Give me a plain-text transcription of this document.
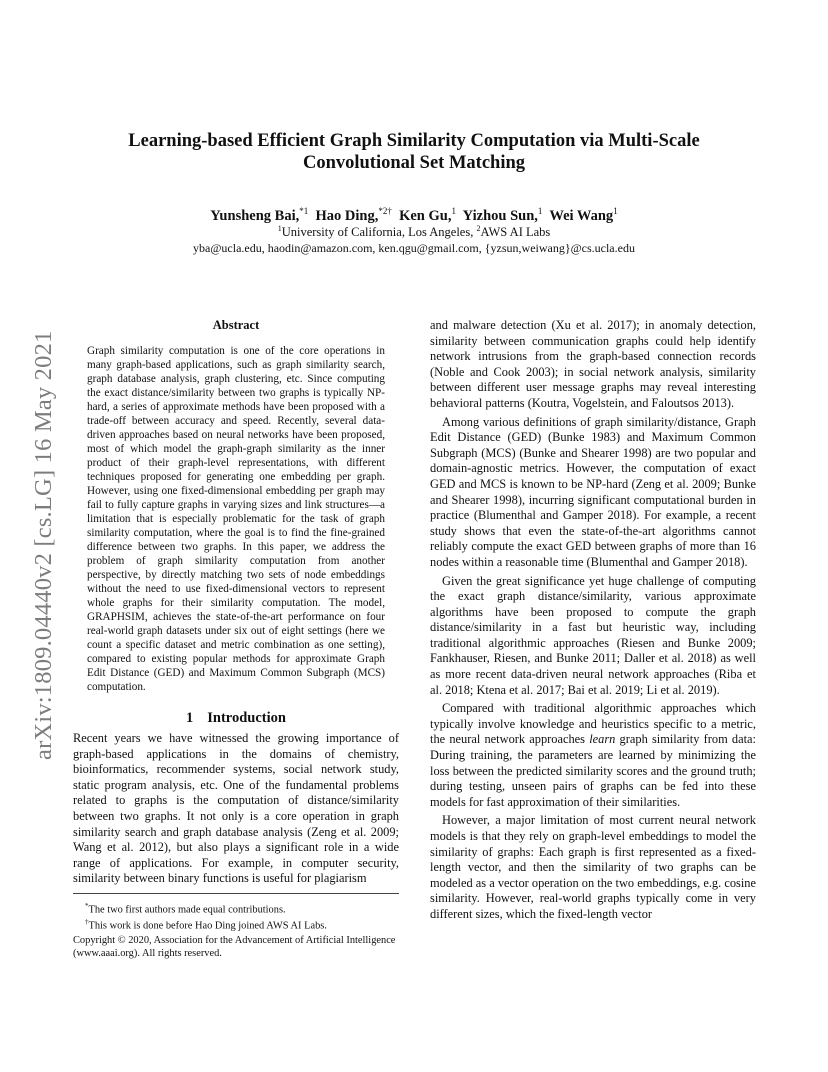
arXiv:1809.04440v2 [cs.LG] 16 May 2021
Learning-based Efficient Graph Similarity Computation via Multi-Scale
Convolutional Set Matching
Yunsheng Bai,$^{*1}$ Hao Ding,$^{*2\dagger}$ Ken Gu,$^1$ Yizhou Sun,$^1$ Wei Wang$^1$
$^1$University of California, Los Angeles, $^2$AWS AI Labs
yba@ucla.edu, haodin@amazon.com, ken.qgu@gmail.com, {yzsun,weiwang}@cs.ucla.edu
Abstract

Graph similarity computation is one of the core operations in many graph-based applications, such as graph similarity search, graph database analysis, graph clustering, etc. Since computing the exact distance/similarity between two graphs is typically NP-hard, a series of approximate methods have been proposed with a trade-off between accuracy and speed. Recently, several data-driven approaches based on neural networks have been proposed, most of which model the graph-graph similarity as the inner product of their graph-level representations, with different techniques proposed for generating one embedding per graph. However, using one fixed-dimensional embedding per graph may fail to fully capture graphs in varying sizes and link structures—a limitation that is especially problematic for the task of graph similarity computation, where the goal is to find the fine-grained difference between two graphs. In this paper, we address the problem of graph similarity computation from another perspective, by directly matching two sets of node embeddings without the need to use fixed-dimensional vectors to represent whole graphs for their similarity computation. The model, GRAPHSIM, achieves the state-of-the-art performance on four real-world graph datasets under six out of eight settings (here we count a specific dataset and metric combination as one setting), compared to existing popular methods for approximate Graph Edit Distance (GED) and Maximum Common Subgraph (MCS) computation.

1 Introduction

Recent years we have witnessed the growing importance of graph-based applications in the domains of chemistry, bioinformatics, recommender systems, social network study, static program analysis, etc. One of the fundamental problems related to graphs is the computation of distance/similarity between two graphs. It not only is a core operation in graph similarity search and graph database analysis (Zeng et al. 2009; Wang et al. 2012), but also plays a significant role in a wide range of applications. For example, in computer security, similarity between binary functions is useful for plagiarism

*The two first authors made equal contributions.
†This work is done before Hao Ding joined AWS AI Labs.
Copyright © 2020, Association for the Advancement of Artificial Intelligence (www.aaai.org). All rights reserved.

and malware detection (Xu et al. 2017); in anomaly detection, similarity between communication graphs could help identify network intrusions from the graph-based connection records (Noble and Cook 2003); in social network analysis, similarity between different user message graphs may reveal interesting behavioral patterns (Koutra, Vogelstein, and Faloutsos 2013).

Among various definitions of graph similarity/distance, Graph Edit Distance (GED) (Bunke 1983) and Maximum Common Subgraph (MCS) (Bunke and Shearer 1998) are two popular and domain-agnostic metrics. However, the computation of exact GED and MCS is known to be NP-hard (Zeng et al. 2009; Bunke and Shearer 1998), incurring significant computational burden in practice (Blumenthal and Gamper 2018). For example, a recent study shows that even the state-of-the-art algorithms cannot reliably compute the exact GED between graphs of more than 16 nodes within a reasonable time (Blumenthal and Gamper 2018).

Given the great significance yet huge challenge of computing the exact graph distance/similarity, various approximate algorithms have been proposed to compute the graph distance/similarity in a fast but heuristic way, including traditional algorithmic approaches (Riesen and Bunke 2009; Fankhauser, Riesen, and Bunke 2011; Daller et al. 2018) as well as more recent data-driven neural network approaches (Riba et al. 2018; Ktena et al. 2017; Bai et al. 2019; Li et al. 2019).

Compared with traditional algorithmic approaches which typically involve knowledge and heuristics specific to a metric, the neural network approaches learn graph similarity from data: During training, the parameters are learned by minimizing the loss between the predicted similarity scores and the ground truth; during testing, unseen pairs of graphs can be fed into these models for fast approximation of their similarities.

However, a major limitation of most current neural network models is that they rely on graph-level embeddings to model the similarity of graphs: Each graph is first represented as a fixed-length vector, and then the similarity of two graphs can be modeled as a vector operation on the two embeddings, e.g. cosine similarity. However, real-world graphs typically come in very different sizes, which the fixed-length vector
